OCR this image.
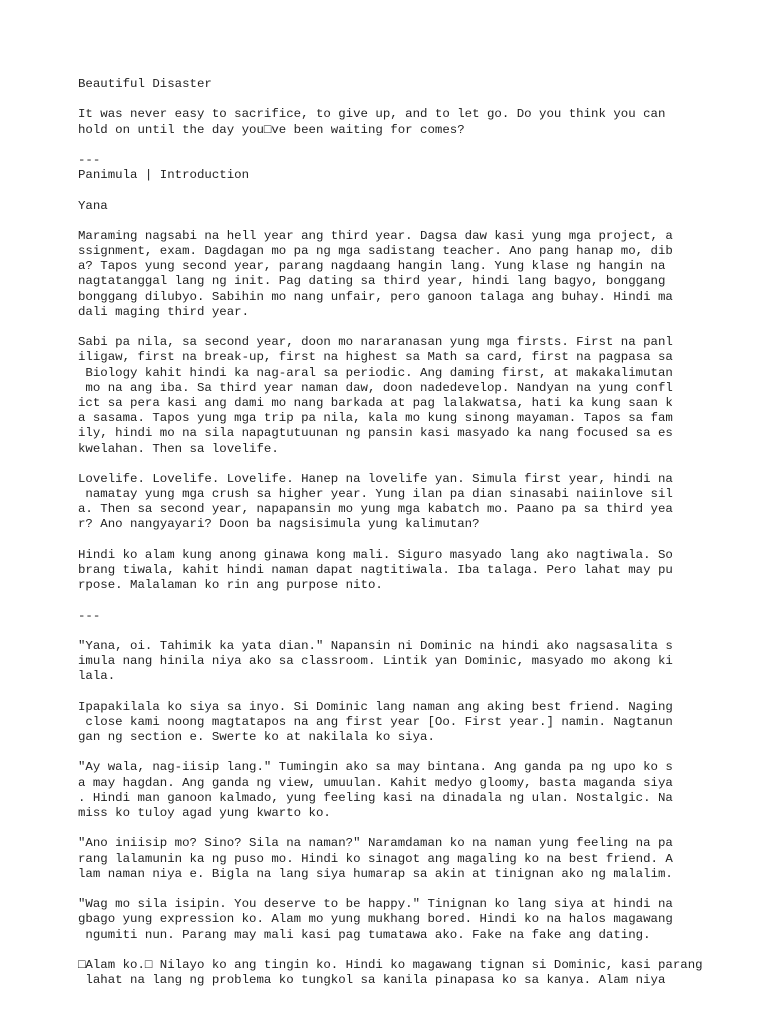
Beautiful Disaster
It was never easy to sacrifice, to give up, and to let go. Do you think you can
hold on until the day you□ve been waiting for comes?
---
Panimula | Introduction
Yana
Maraming nagsabi na hell year ang third year. Dagsa daw kasi yung mga project, a
ssignment, exam. Dagdagan mo pa ng mga sadistang teacher. Ano pang hanap mo, dib
a? Tapos yung second year, parang nagdaang hangin lang. Yung klase ng hangin na
nagtatanggal lang ng init. Pag dating sa third year, hindi lang bagyo, bonggang
bonggang dilubyo. Sabihin mo nang unfair, pero ganoon talaga ang buhay. Hindi ma
dali maging third year.
Sabi pa nila, sa second year, doon mo nararanasan yung mga firsts. First na panl
iligaw, first na break-up, first na highest sa Math sa card, first na pagpasa sa
Biology kahit hindi ka nag-aral sa periodic. Ang daming first, at makakalimutan
mo na ang iba. Sa third year naman daw, doon nadedevelop. Nandyan na yung confl
ict sa pera kasi ang dami mo nang barkada at pag lalakwatsa, hati ka kung saan k
a sasama. Tapos yung mga trip pa nila, kala mo kung sinong mayaman. Tapos sa fam
ily, hindi mo na sila napagtutuunan ng pansin kasi masyado ka nang focused sa es
kwelahan. Then sa lovelife.
Lovelife. Lovelife. Lovelife. Hanep na lovelife yan. Simula first year, hindi na
namatay yung mga crush sa higher year. Yung ilan pa dian sinasabi naiinlove sil
a. Then sa second year, napapansin mo yung mga kabatch mo. Paano pa sa third yea
r? Ano nangyayari? Doon ba nagsisimula yung kalimutan?
Hindi ko alam kung anong ginawa kong mali. Siguro masyado lang ako nagtiwala. So
brang tiwala, kahit hindi naman dapat nagtitiwala. Iba talaga. Pero lahat may pu
rpose. Malalaman ko rin ang purpose nito.
---
"Yana, oi. Tahimik ka yata dian." Napansin ni Dominic na hindi ako nagsasalita s
imula nang hinila niya ako sa classroom. Lintik yan Dominic, masyado mo akong ki
lala.
Ipapakilala ko siya sa inyo. Si Dominic lang naman ang aking best friend. Naging
close kami noong magtatapos na ang first year [Oo. First year.] namin. Nagtanun
gan ng section e. Swerte ko at nakilala ko siya.
"Ay wala, nag-iisip lang." Tumingin ako sa may bintana. Ang ganda pa ng upo ko s
a may hagdan. Ang ganda ng view, umuulan. Kahit medyo gloomy, basta maganda siya
. Hindi man ganoon kalmado, yung feeling kasi na dinadala ng ulan. Nostalgic. Na
miss ko tuloy agad yung kwarto ko.
"Ano iniisip mo? Sino? Sila na naman?" Naramdaman ko na naman yung feeling na pa
rang lalamunin ka ng puso mo. Hindi ko sinagot ang magaling ko na best friend. A
lam naman niya e. Bigla na lang siya humarap sa akin at tinignan ako ng malalim.
"Wag mo sila isipin. You deserve to be happy." Tinignan ko lang siya at hindi na
gbago yung expression ko. Alam mo yung mukhang bored. Hindi ko na halos magawang
ngumiti nun. Parang may mali kasi pag tumatawa ako. Fake na fake ang dating.
□Alam ko.□ Nilayo ko ang tingin ko. Hindi ko magawang tignan si Dominic, kasi parang
lahat na lang ng problema ko tungkol sa kanila pinapasa ko sa kanya. Alam niya
